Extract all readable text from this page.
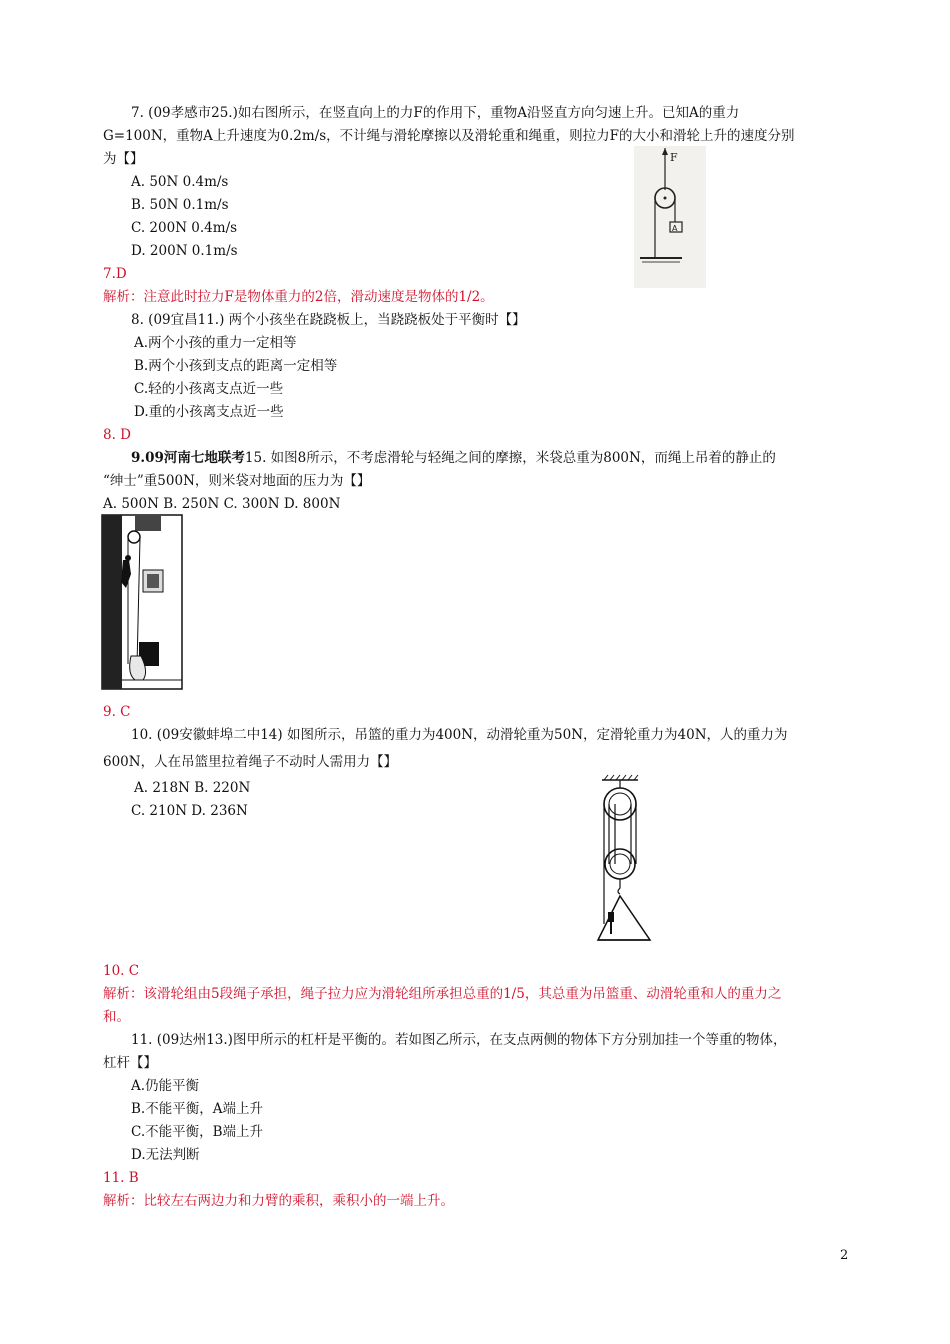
7. (09孝感市25.)如右图所示，在竖直向上的力F的作用下，重物A沿竖直方向匀速上升。已知A的重力
G=100N，重物A上升速度为0.2m/s，不计绳与滑轮摩擦以及滑轮重和绳重，则拉力F的大小和滑轮上升的速度分别
为【】
A. 50N 0.4m/s
B. 50N 0.1m/s
C. 200N 0.4m/s
D. 200N 0.1m/s
7.D
解析：注意此时拉力F是物体重力的2倍，滑动速度是物体的1/2。
F
A
8. (09宜昌11.) 两个小孩坐在跷跷板上，当跷跷板处于平衡时【】
A.两个小孩的重力一定相等
B.两个小孩到支点的距离一定相等
C.轻的小孩离支点近一些
D.重的小孩离支点近一些
8. D
9.09河南七地联考15. 如图8所示，不考虑滑轮与轻绳之间的摩擦，米袋总重为800N，而绳上吊着的静止的
“绅士”重500N，则米袋对地面的压力为【】
A. 500N B. 250N C. 300N D. 800N
9. C
10. (09安徽蚌埠二中14) 如图所示，吊篮的重力为400N，动滑轮重为50N，定滑轮重力为40N，人的重力为
600N，人在吊篮里拉着绳子不动时人需用力【】
A. 218N B. 220N
C. 210N D. 236N
10. C
解析：该滑轮组由5段绳子承担，绳子拉力应为滑轮组所承担总重的1/5，其总重为吊篮重、动滑轮重和人的重力之
和。
11. (09达州13.)图甲所示的杠杆是平衡的。若如图乙所示，在支点两侧的物体下方分别加挂一个等重的物体，
杠杆【】
A.仍能平衡
B.不能平衡，A端上升
C.不能平衡，B端上升
D.无法判断
11. B
解析：比较左右两边力和力臂的乘积，乘积小的一端上升。
2
